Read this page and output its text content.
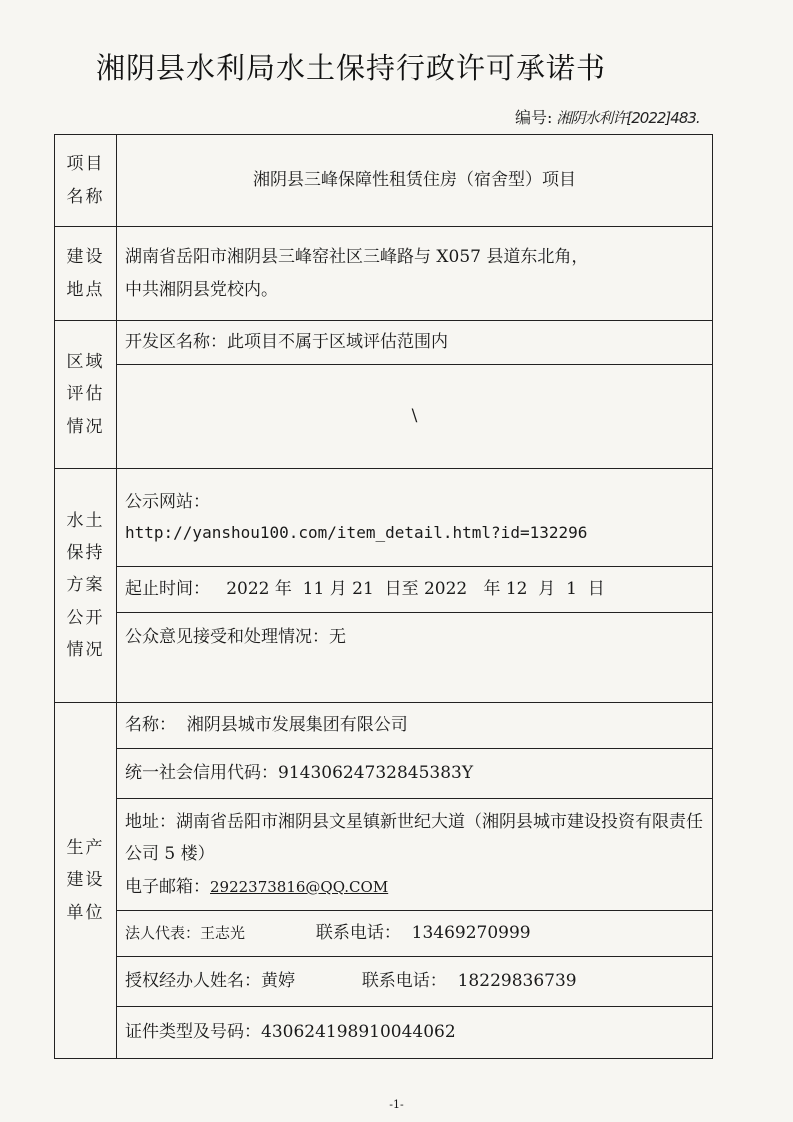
湘阴县水利局水土保持行政许可承诺书
编号: 湘阴水利许[2022]483.
项目名称	湘阴县三峰保障性租赁住房（宿舍型）项目
建设地点	湖南省岳阳市湘阴县三峰窑社区三峰路与 X057 县道东北角，
中共湘阴县党校内。

区域评估情况	开发区名称：此项目不属于区域评估范围内
	\
水土保持方案公开情况	公示网站：
http://yanshou100.com/item_detail.html?id=132296

	起止时间：   2022 年  11 月 21  日至 2022   年 12  月  1  日
	公众意见接受和处理情况：无
生产建设单位	名称：  湘阴县城市发展集团有限公司
	统一社会信用代码：91430624732845383Y

	地址：湖南省岳阳市湘阴县文星镇新世纪大道（湘阴县城市建设投资有限责任公司 5 楼）
电子邮箱：2922373816@QQ.COM

	法人代表：王志光 联系电话：  13469270999
	授权经办人姓名：黄婷 联系电话：  18229836739
	证件类型及号码：430624198910044062
-1-
